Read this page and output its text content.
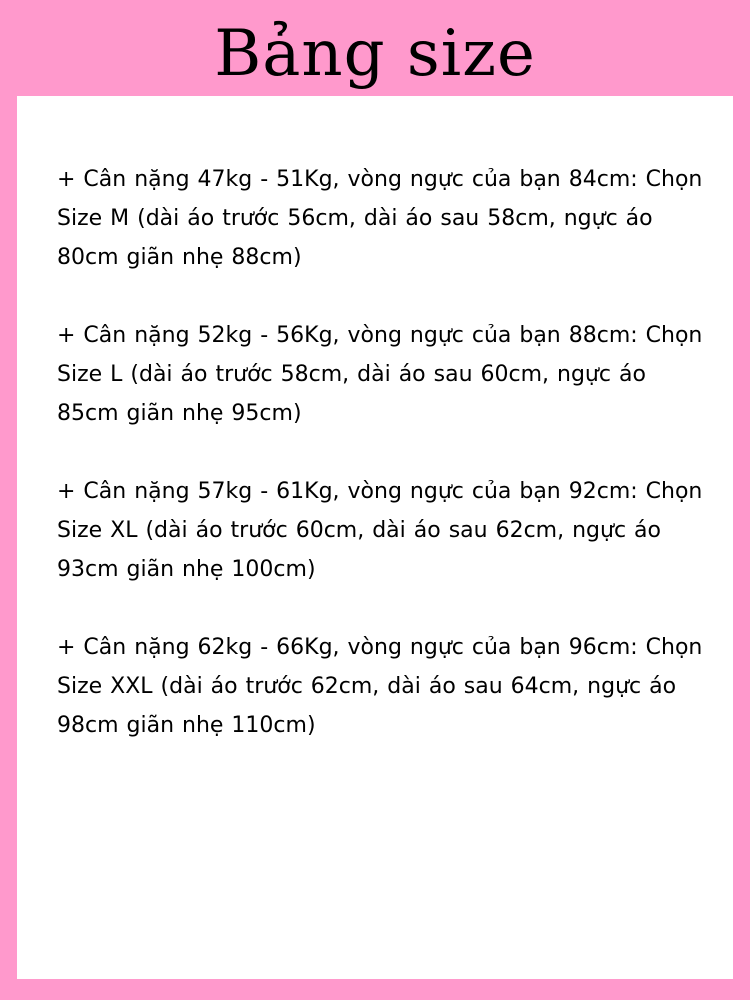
Bảng size

+ Cân nặng 47kg - 51Kg, vòng ngực của bạn 84cm: Chọn Size M (dài áo trước 56cm, dài áo sau 58cm, ngực áo 80cm giãn nhẹ 88cm)

+ Cân nặng 52kg - 56Kg, vòng ngực của bạn 88cm: Chọn Size L (dài áo trước 58cm, dài áo sau 60cm, ngực áo 85cm giãn nhẹ 95cm)

+ Cân nặng 57kg - 61Kg, vòng ngực của bạn 92cm: Chọn Size XL (dài áo trước 60cm, dài áo sau 62cm, ngực áo 93cm giãn nhẹ 100cm)

+ Cân nặng 62kg - 66Kg, vòng ngực của bạn 96cm: Chọn Size XXL (dài áo trước 62cm, dài áo sau 64cm, ngực áo 98cm giãn nhẹ 110cm)
